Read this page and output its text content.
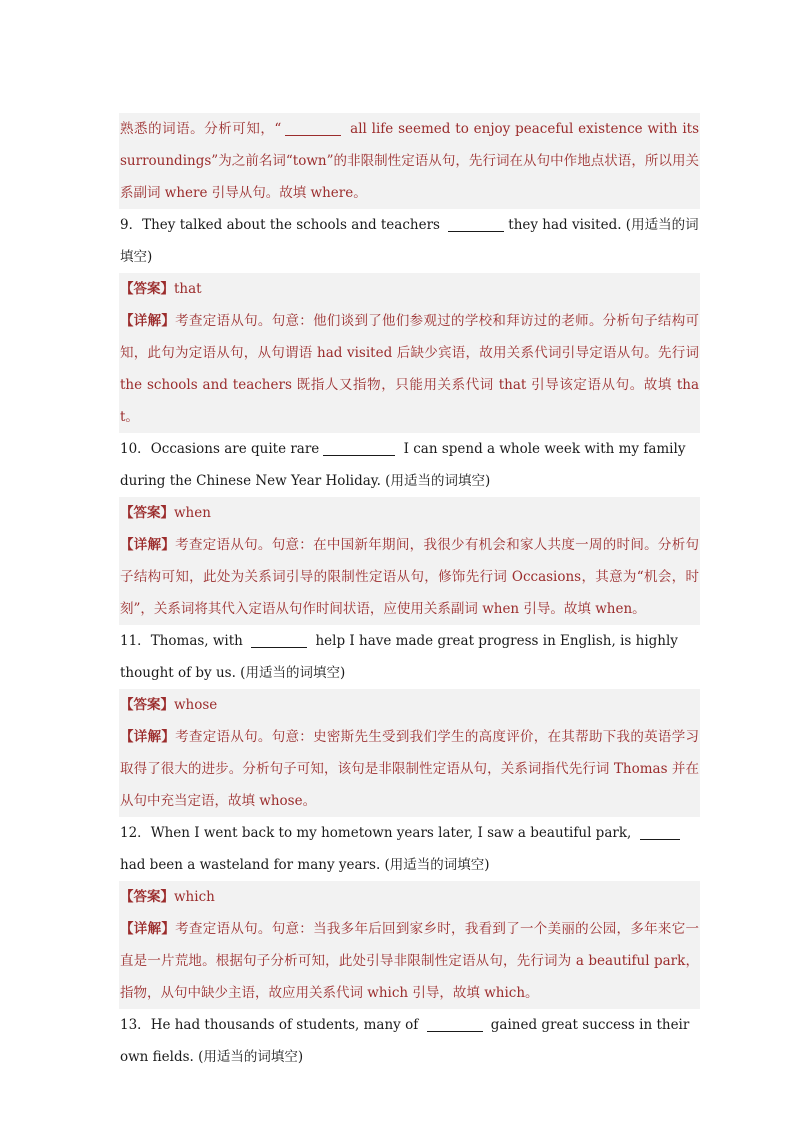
熟悉的词语。分析可知，“	all life seemed to enjoy peaceful existence with its surroundings”为之前名词“town”的非限制性定语从句，先行词在从句中作地点状语，所以用关系副词 where 引导从句。故填 where。

9．They talked about the schools and teachers	they had visited. (用适当的词填空)

【答案】that

【详解】考查定语从句。句意：他们谈到了他们参观过的学校和拜访过的老师。分析句子结构可知，此句为定语从句，从句谓语 had visited 后缺少宾语，故用关系代词引导定语从句。先行词 the schools and teachers 既指人又指物，只能用关系代词 that 引导该定语从句。故填 that。

10．Occasions are quite rare	I can spend a whole week with my family during the Chinese New Year Holiday. (用适当的词填空)

【答案】when

【详解】考查定语从句。句意：在中国新年期间，我很少有机会和家人共度一周的时间。分析句子结构可知，此处为关系词引导的限制性定语从句，修饰先行词 Occasions，其意为“机会，时刻”，关系词将其代入定语从句作时间状语，应使用关系副词 when 引导。故填 when。

11．Thomas, with	help I have made great progress in English, is highly thought of by us. (用适当的词填空)

【答案】whose

【详解】考查定语从句。句意：史密斯先生受到我们学生的高度评价，在其帮助下我的英语学习取得了很大的进步。分析句子可知，该句是非限制性定语从句，关系词指代先行词 Thomas 并在从句中充当定语，故填 whose。

12．When I went back to my hometown years later, I saw a beautiful park,  had been a wasteland for many years. (用适当的词填空)

【答案】which

【详解】考查定语从句。句意：当我多年后回到家乡时，我看到了一个美丽的公园，多年来它一直是一片荒地。根据句子分析可知，此处引导非限制性定语从句，先行词为 a beautiful park，指物，从句中缺少主语，故应用关系代词 which 引导，故填 which。

13．He had thousands of students, many of	gained great success in their own fields. (用适当的词填空)
